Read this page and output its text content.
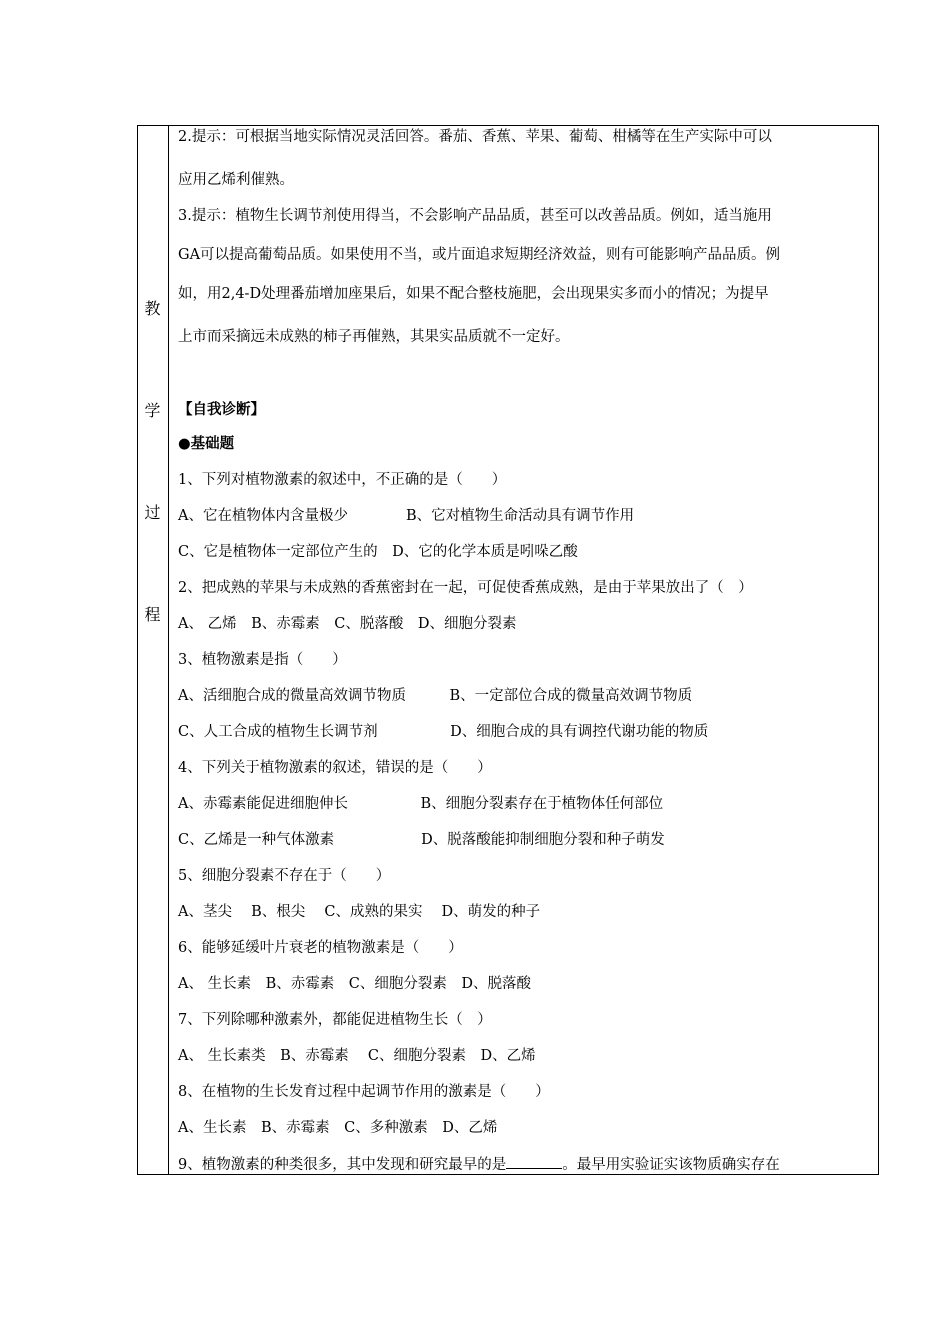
教
学
过
程
2.提示：可根据当地实际情况灵活回答。番茄、香蕉、苹果、葡萄、柑橘等在生产实际中可以
应用乙烯利催熟。
3.提示：植物生长调节剂使用得当，不会影响产品品质，甚至可以改善品质。例如，适当施用
GA可以提高葡萄品质。如果使用不当，或片面追求短期经济效益，则有可能影响产品品质。例
如，用2,4-D处理番茄增加座果后，如果不配合整枝施肥，会出现果实多而小的情况；为提早
上市而采摘远未成熟的柿子再催熟，其果实品质就不一定好。
【自我诊断】
●基础题
1、下列对植物激素的叙述中，不正确的是（　　）
A、它在植物体内含量极少　　　　B、它对植物生命活动具有调节作用
C、它是植物体一定部位产生的　D、它的化学本质是吲哚乙酸
2、把成熟的苹果与未成熟的香蕉密封在一起，可促使香蕉成熟，是由于苹果放出了（　）
A、 乙烯　B、赤霉素　C、脱落酸　D、细胞分裂素
3、植物激素是指（　　）
A、活细胞合成的微量高效调节物质　　　B、一定部位合成的微量高效调节物质
C、人工合成的植物生长调节剂　　　　　D、细胞合成的具有调控代谢功能的物质
4、下列关于植物激素的叙述，错误的是（　　）
A、赤霉素能促进细胞伸长　　　　　B、细胞分裂素存在于植物体任何部位
C、乙烯是一种气体激素　　　　　　D、脱落酸能抑制细胞分裂和种子萌发
5、细胞分裂素不存在于（　　）
A、茎尖　 B、根尖　 C、成熟的果实　 D、萌发的种子
6、能够延缓叶片衰老的植物激素是（　　）
A、 生长素　B、赤霉素　C、细胞分裂素　D、脱落酸
7、下列除哪种激素外，都能促进植物生长（　）
A、 生长素类　B、赤霉素　 C、细胞分裂素　D、乙烯
8、在植物的生长发育过程中起调节作用的激素是（　　）
A、生长素　B、赤霉素　C、多种激素　D、乙烯
9、植物激素的种类很多，其中发现和研究最早的是	。最早用实验证实该物质确实存在
